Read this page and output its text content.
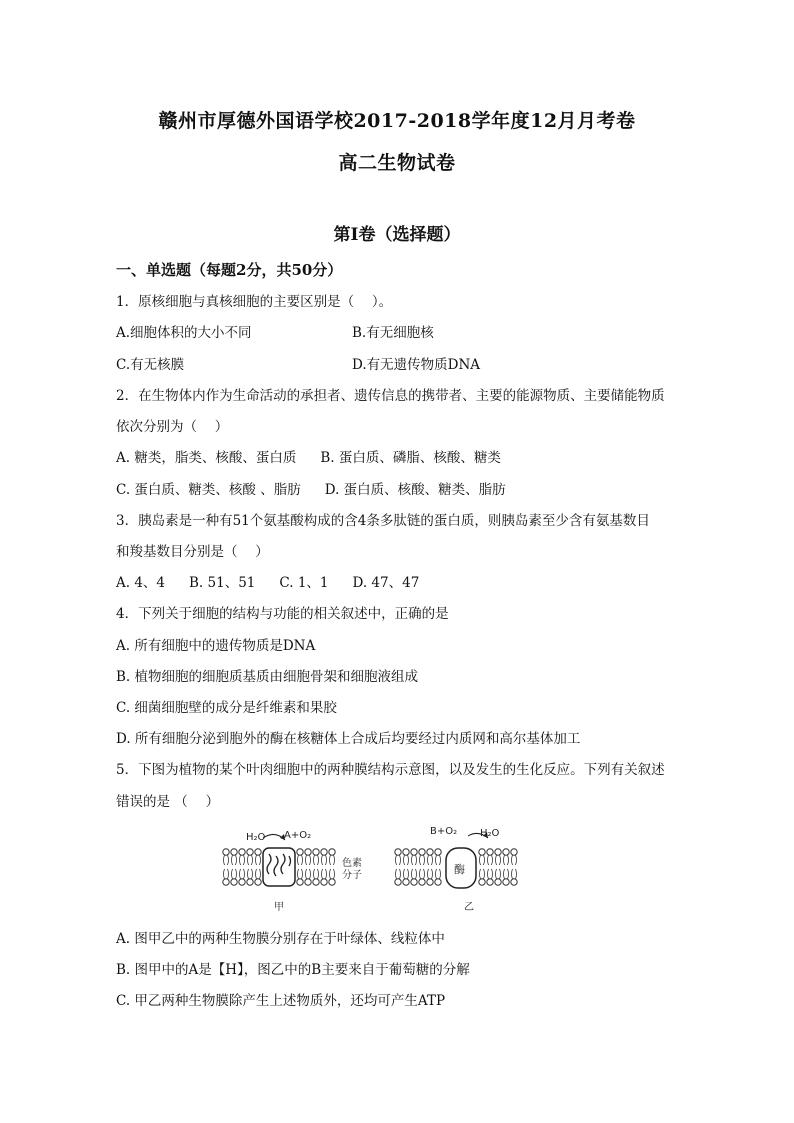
赣州市厚德外国语学校2017-2018学年度12月月考卷
高二生物试卷
第Ⅰ卷（选择题）
一、单选题（每题2分，共50分）
1．原核细胞与真核细胞的主要区别是（　 ）。
A.细胞体积的大小不同	B.有无细胞核
C.有无核膜	D.有无遗传物质DNA
2．在生物体内作为生命活动的承担者、遗传信息的携带者、主要的能源物质、主要储能物质
依次分别为（　 ）
A. 糖类，脂类、核酸、蛋白质 B. 蛋白质、磷脂、核酸、糖类
C. 蛋白质、糖类、核酸 、脂肪 D. 蛋白质、核酸、糖类、脂肪
3．胰岛素是一种有51个氨基酸构成的含4条多肽链的蛋白质，则胰岛素至少含有氨基数目
和羧基数目分别是（　 ）
A. 4、4 B. 51、51 C. 1、1 D. 47、47
4．下列关于细胞的结构与功能的相关叙述中，正确的是
A. 所有细胞中的遗传物质是DNA
B. 植物细胞的细胞质基质由细胞骨架和细胞液组成
C. 细菌细胞壁的成分是纤维素和果胶
D. 所有细胞分泌到胞外的酶在核糖体上合成后均要经过内质网和高尔基体加工
5．下图为植物的某个叶肉细胞中的两种膜结构示意图，以及发生的生化反应。下列有关叙述
错误的是 （　 ）
H₂O A+O₂
色素
分子
甲
酶
B+O₂ H₂O
乙
A. 图甲乙中的两种生物膜分别存在于叶绿体、线粒体中
B. 图甲中的A是【H】，图乙中的B主要来自于葡萄糖的分解
C. 甲乙两种生物膜除产生上述物质外，还均可产生ATP
